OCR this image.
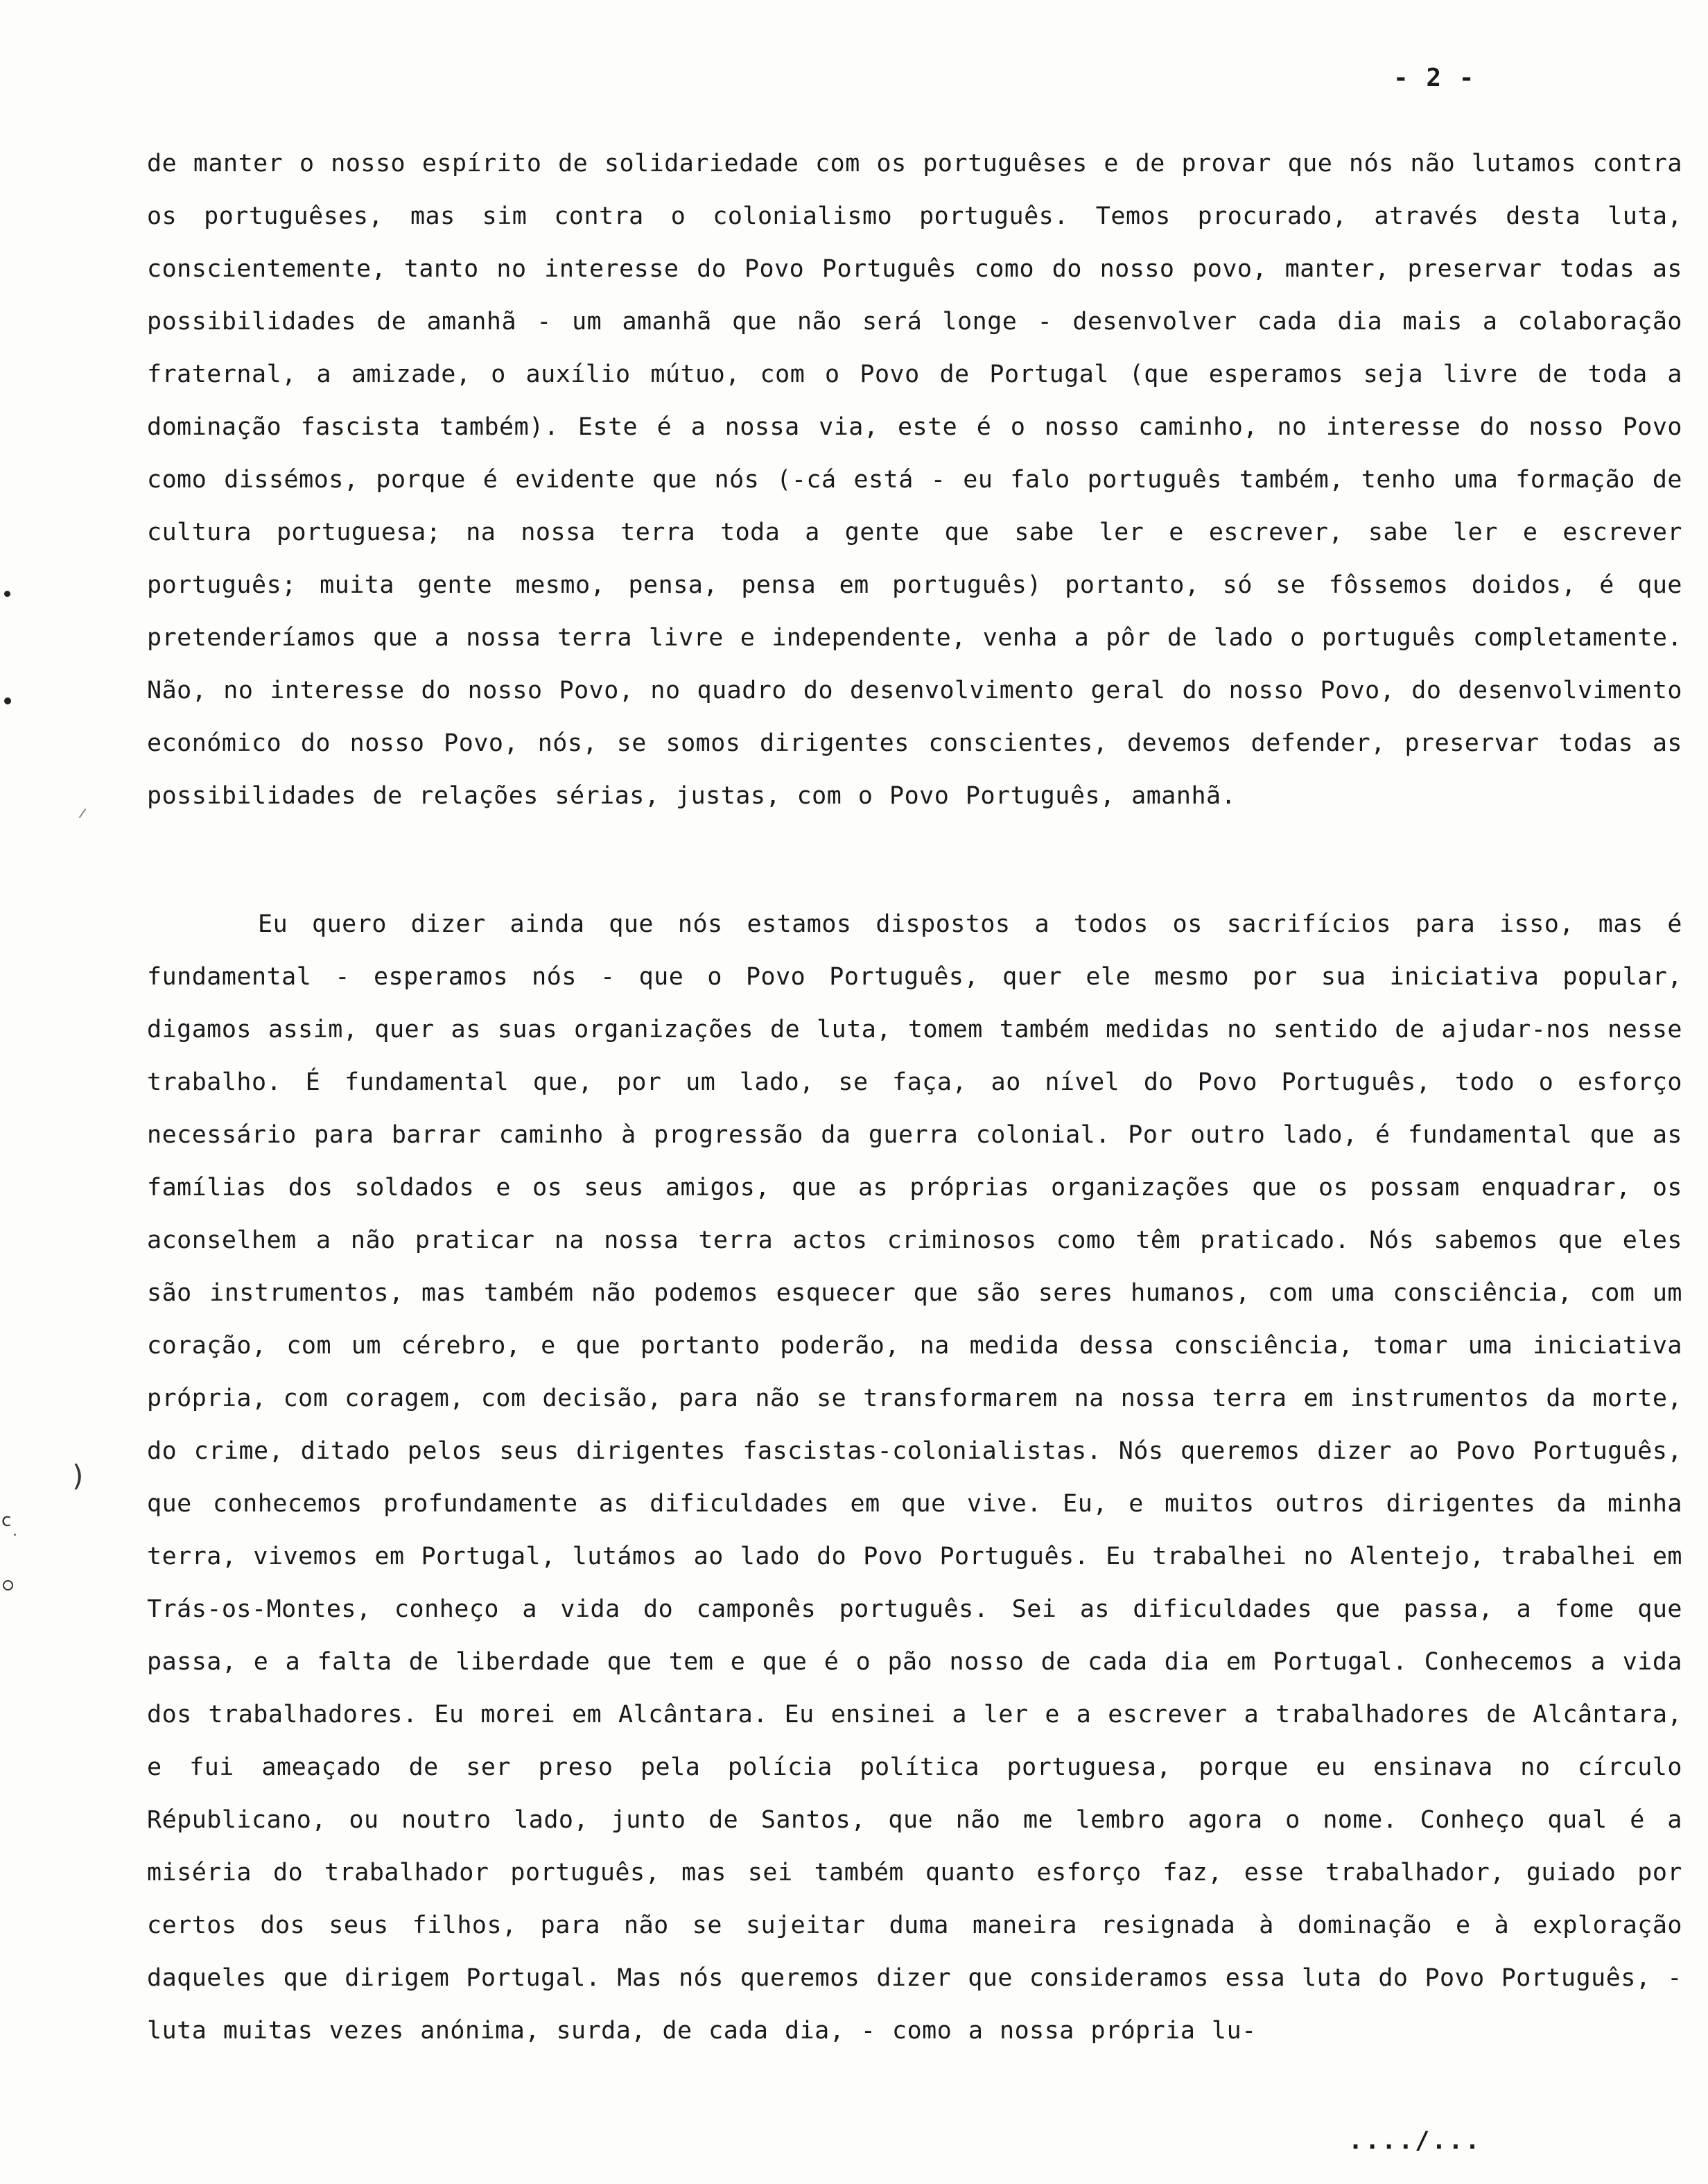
- 2 -

de manter o nosso espírito de solidariedade com os portuguêses e de provar que nós não lutamos contra os portuguêses, mas sim contra o colonialismo português. Temos procurado, através desta luta, conscientemente, tanto no interesse do Povo Português como do nosso povo, manter, preservar todas as possibilidades de amanhã - um amanhã que não será longe - desenvolver cada dia mais a colaboração fraternal, a amizade, o auxílio mútuo, com o Povo de Portugal (que esperamos seja livre de toda a dominação fascista também). Este é a nossa via, este é o nosso caminho, no interesse do nosso Povo como dissémos, porque é evidente que nós (-cá está - eu falo português também, tenho uma formação de cultura portuguesa; na nossa terra toda a gente que sabe ler e escrever, sabe ler e escrever português; muita gente mesmo, pensa, pensa em português) portanto, só se fôssemos doidos, é que pretenderíamos que a nossa terra livre e independente, venha a pôr de lado o português completamente. Não, no interesse do nosso Povo, no quadro do desenvolvimento geral do nosso Povo, do desenvolvimento económico do nosso Povo, nós, se somos dirigentes conscientes, devemos defender, preservar todas as possibilidades de relações sérias, justas, com o Povo Português, amanhã.

Eu quero dizer ainda que nós estamos dispostos a todos os sacrifícios para isso, mas é fundamental - esperamos nós - que o Povo Português, quer ele mesmo por sua iniciativa popular, digamos assim, quer as suas organizações de luta, tomem também medidas no sentido de ajudar-nos nesse trabalho. É fundamental que, por um lado, se faça, ao nível do Povo Português, todo o esforço necessário para barrar caminho à progressão da guerra colonial. Por outro lado, é fundamental que as famílias dos soldados e os seus amigos, que as próprias organizações que os possam enquadrar, os aconselhem a não praticar na nossa terra actos criminosos como têm praticado. Nós sabemos que eles são instrumentos, mas também não podemos esquecer que são seres humanos, com uma consciência, com um coração, com um cérebro, e que portanto poderão, na medida dessa consciência, tomar uma iniciativa própria, com coragem, com decisão, para não se transformarem na nossa terra em instrumentos da morte, do crime, ditado pelos seus dirigentes fascistas-colonialistas. Nós queremos dizer ao Povo Português, que conhecemos profundamente as dificuldades em que vive. Eu, e muitos outros dirigentes da minha terra, vivemos em Portugal, lutámos ao lado do Povo Português. Eu trabalhei no Alentejo, trabalhei em Trás-os-Montes, conheço a vida do camponês português. Sei as dificuldades que passa, a fome que passa, e a falta de liberdade que tem e que é o pão nosso de cada dia em Portugal. Conhecemos a vida dos trabalhadores. Eu morei em Alcântara. Eu ensinei a ler e a escrever a trabalhadores de Alcântara, e fui ameaçado de ser preso pela polícia política portuguesa, porque eu ensinava no círculo Républicano, ou noutro lado, junto de Santos, que não me lembro agora o nome. Conheço qual é a miséria do trabalhador português, mas sei também quanto esforço faz, esse trabalhador, guiado por certos dos seus filhos, para não se sujeitar duma maneira resignada à dominação e à exploração daqueles que dirigem Portugal. Mas nós queremos dizer que consideramos essa luta do Povo Português, - luta muitas vezes anónima, surda, de cada dia, - como a nossa própria lu-

..../...
)
c
